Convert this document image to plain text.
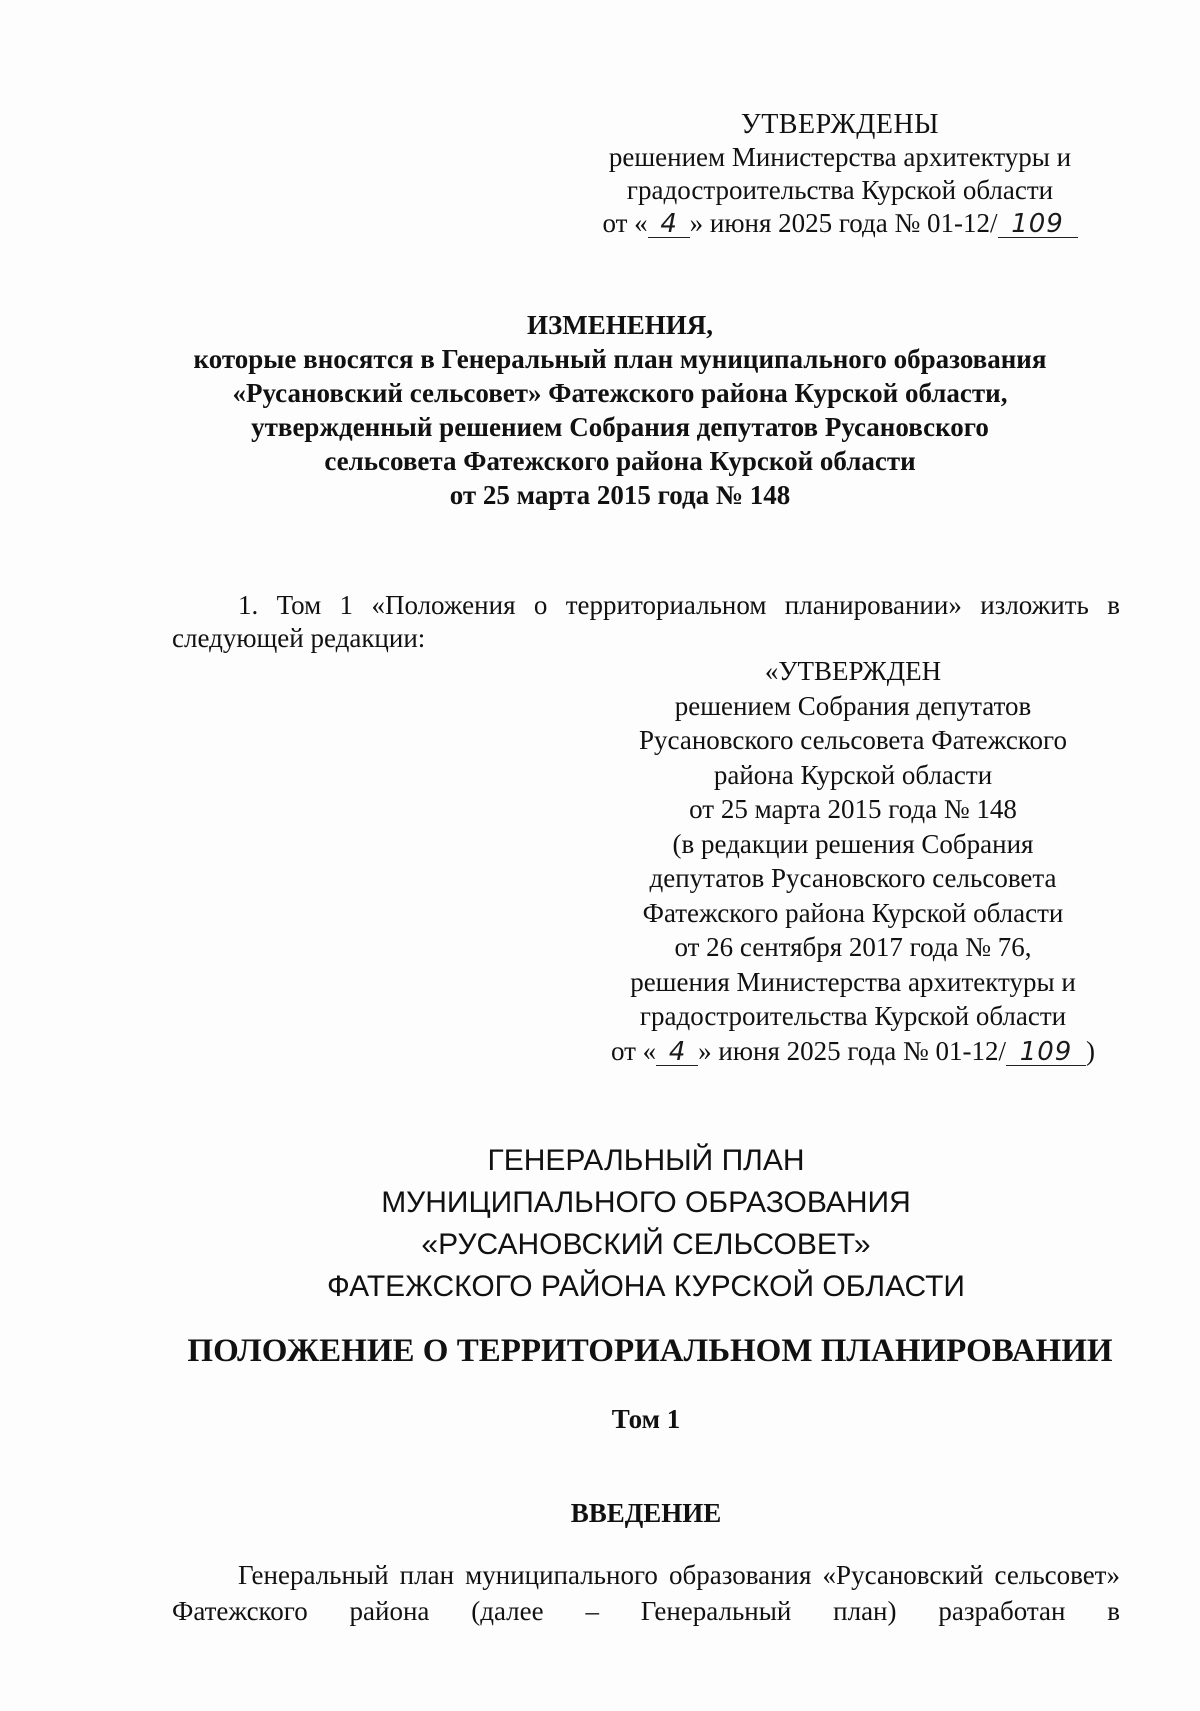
УТВЕРЖДЕНЫ
решением Министерства архитектуры и
градостроительства Курской области
от « 4 » июня 2025 года № 01-12/ 109
ИЗМЕНЕНИЯ,
которые вносятся в Генеральный план муниципального образования
«Русановский сельсовет» Фатежского района Курской области,
утвержденный решением Собрания депутатов Русановского
сельсовета Фатежского района Курской области
от 25 марта 2015 года № 148

1. Том 1 «Положения о территориальном планировании» изложить в следующей редакции:

«УТВЕРЖДЕН
решением Собрания депутатов
Русановского сельсовета Фатежского
района Курской области
от 25 марта 2015 года № 148
(в редакции решения Собрания
депутатов Русановского сельсовета
Фатежского района Курской области
от 26 сентября 2017 года № 76,
решения Министерства архитектуры и
градостроительства Курской области
от « 4 » июня 2025 года № 01-12/ 109 )
ГЕНЕРАЛЬНЫЙ ПЛАН
МУНИЦИПАЛЬНОГО ОБРАЗОВАНИЯ
«РУСАНОВСКИЙ СЕЛЬСОВЕТ»
ФАТЕЖСКОГО РАЙОНА КУРСКОЙ ОБЛАСТИ
ПОЛОЖЕНИЕ О ТЕРРИТОРИАЛЬНОМ ПЛАНИРОВАНИИ
Том 1
ВВЕДЕНИЕ

Генеральный план муниципального образования «Русановский сельсовет» Фатежского района (далее – Генеральный план) разработан в
